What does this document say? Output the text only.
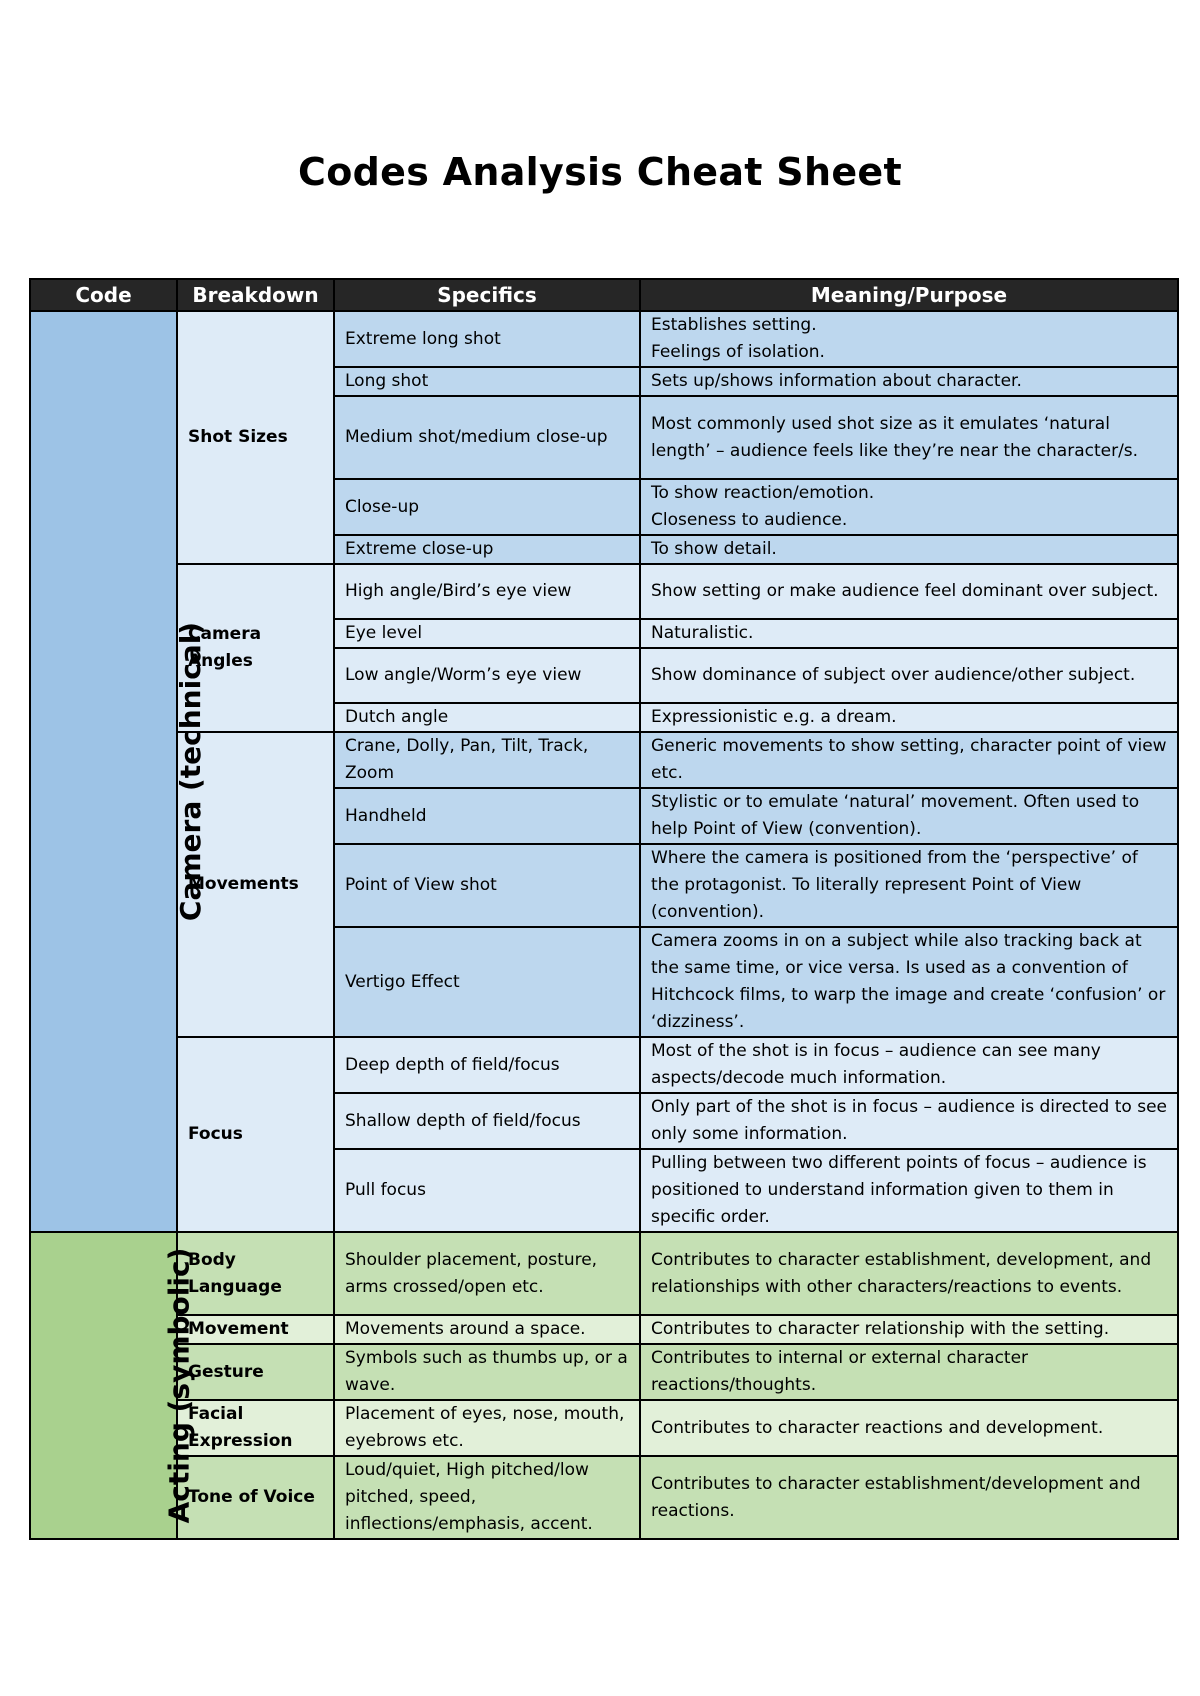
Codes Analysis Cheat Sheet
Code	Breakdown	Specifics	Meaning/Purpose
Camera (technical)	Shot Sizes	Extreme long shot	Establishes setting.
Feelings of isolation.
		Long shot	Sets up/shows information about character.
		Medium shot/medium close-up	Most commonly used shot size as it emulates ‘natural length’ – audience feels like they’re near the character/s.
		Close-up	To show reaction/emotion.
Closeness to audience.
		Extreme close-up	To show detail.
	Camera Angles	High angle/Bird’s eye view	Show setting or make audience feel dominant over subject.
		Eye level	Naturalistic.
		Low angle/Worm’s eye view	Show dominance of subject over audience/other subject.
		Dutch angle	Expressionistic e.g. a dream.
	Movements	Crane, Dolly, Pan, Tilt, Track, Zoom	Generic movements to show setting, character point of view etc.
		Handheld	Stylistic or to emulate ‘natural’ movement. Often used to help Point of View (convention).
		Point of View shot	Where the camera is positioned from the ‘perspective’ of the protagonist. To literally represent Point of View (convention).
		Vertigo Effect	Camera zooms in on a subject while also tracking back at the same time, or vice versa. Is used as a convention of Hitchcock films, to warp the image and create ‘confusion’ or ‘dizziness’.
	Focus	Deep depth of field/focus	Most of the shot is in focus – audience can see many aspects/decode much information.
		Shallow depth of field/focus	Only part of the shot is in focus – audience is directed to see only some information.
		Pull focus	Pulling between two different points of focus – audience is positioned to understand information given to them in specific order.
Acting (symbolic)	Body Language	Shoulder placement, posture, arms crossed/open etc.	Contributes to character establishment, development, and relationships with other characters/reactions to events.
	Movement	Movements around a space.	Contributes to character relationship with the setting.
	Gesture	Symbols such as thumbs up, or a wave.	Contributes to internal or external character reactions/thoughts.
	Facial Expression	Placement of eyes, nose, mouth, eyebrows etc.	Contributes to character reactions and development.
	Tone of Voice	Loud/quiet, High pitched/low pitched, speed, inflections/emphasis, accent.	Contributes to character establishment/development and reactions.
